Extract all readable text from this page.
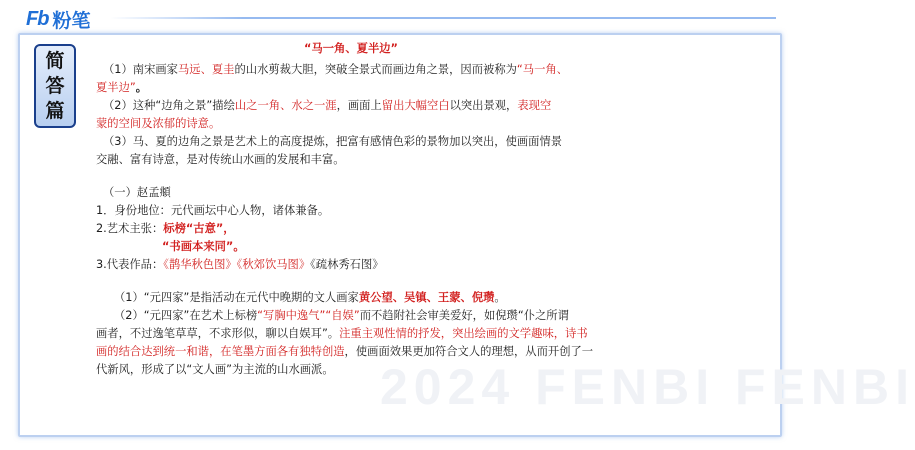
Fb 粉笔
2024 FENBI FENBI
简
答
篇

“马一角、夏半边”

（1）南宋画家马远、夏圭的山水剪裁大胆，突破全景式而画边角之景，因而被称为“马一角、

夏半边”。

（2）这种“边角之景”描绘山之一角、水之一涯，画面上留出大幅空白以突出景观，表现空

蒙的空间及浓郁的诗意。

（3）马、夏的边角之景是艺术上的高度提炼，把富有感情色彩的景物加以突出，使画面情景

交融、富有诗意，是对传统山水画的发展和丰富。

（一）赵孟頫

1．身份地位：元代画坛中心人物，诸体兼备。

2.艺术主张：标榜“古意”，

“书画本来同”。

3.代表作品：《鹊华秋色图》《秋郊饮马图》《疏林秀石图》

（1）“元四家”是指活动在元代中晚期的文人画家黄公望、吴镇、王蒙、倪瓒。

（2）“元四家”在艺术上标榜“写胸中逸气”“自娱”而不趋附社会审美爱好，如倪瓒“仆之所谓

画者，不过逸笔草草，不求形似，聊以自娱耳”。注重主观性情的抒发，突出绘画的文学趣味，诗书

画的结合达到统一和谐，在笔墨方面各有独特创造，使画面效果更加符合文人的理想，从而开创了一

代新风，形成了以“文人画”为主流的山水画派。
